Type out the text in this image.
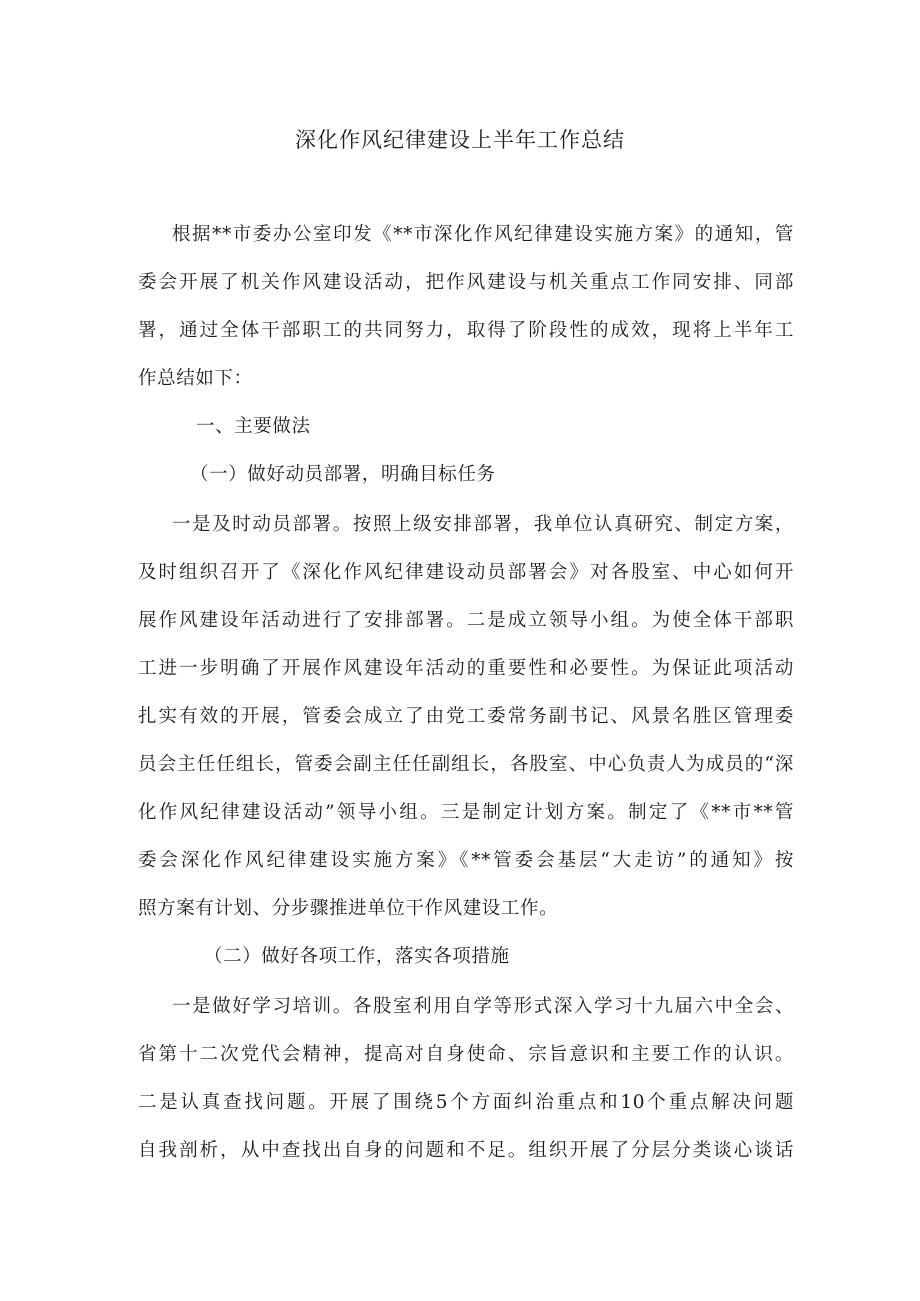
深化作风纪律建设上半年工作总结
根据**市委办公室印发《**市深化作风纪律建设实施方案》的通知，管
委会开展了机关作风建设活动，把作风建设与机关重点工作同安排、同部
署，通过全体干部职工的共同努力，取得了阶段性的成效，现将上半年工
作总结如下：
一、主要做法
（一）做好动员部署，明确目标任务
一是及时动员部署。按照上级安排部署，我单位认真研究、制定方案，
及时组织召开了《深化作风纪律建设动员部署会》对各股室、中心如何开
展作风建设年活动进行了安排部署。二是成立领导小组。为使全体干部职
工进一步明确了开展作风建设年活动的重要性和必要性。为保证此项活动
扎实有效的开展，管委会成立了由党工委常务副书记、风景名胜区管理委
员会主任任组长，管委会副主任任副组长，各股室、中心负责人为成员的“深
化作风纪律建设活动”领导小组。三是制定计划方案。制定了《**市**管
委会深化作风纪律建设实施方案》《**管委会基层“大走访”的通知》按
照方案有计划、分步骤推进单位干作风建设工作。
（二）做好各项工作，落实各项措施
一是做好学习培训。各股室利用自学等形式深入学习十九届六中全会、
省第十二次党代会精神，提高对自身使命、宗旨意识和主要工作的认识。
二是认真查找问题。开展了围绕5个方面纠治重点和10个重点解决问题
自我剖析，从中查找出自身的问题和不足。组织开展了分层分类谈心谈话
